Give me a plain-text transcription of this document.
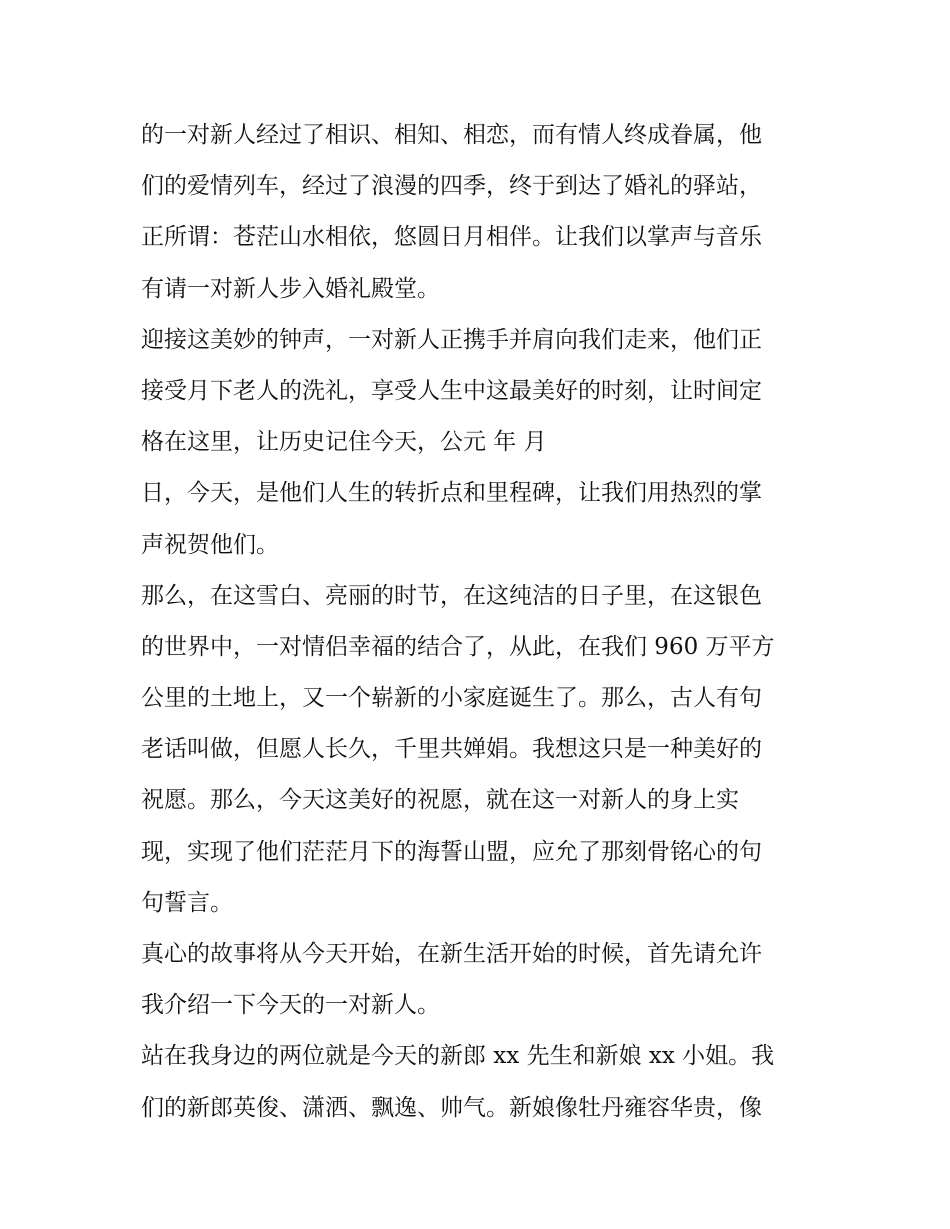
的一对新人经过了相识、相知、相恋，而有情人终成眷属，他
们的爱情列车，经过了浪漫的四季，终于到达了婚礼的驿站，
正所谓：苍茫山水相依，悠圆日月相伴。让我们以掌声与音乐
有请一对新人步入婚礼殿堂。
迎接这美妙的钟声，一对新人正携手并肩向我们走来，他们正
接受月下老人的洗礼，享受人生中这最美好的时刻，让时间定
格在这里，让历史记住今天，公元 年 月
日，今天，是他们人生的转折点和里程碑，让我们用热烈的掌
声祝贺他们。
那么，在这雪白、亮丽的时节，在这纯洁的日子里，在这银色
的世界中，一对情侣幸福的结合了，从此，在我们 960 万平方
公里的土地上，又一个崭新的小家庭诞生了。那么，古人有句
老话叫做，但愿人长久，千里共婵娟。我想这只是一种美好的
祝愿。那么，今天这美好的祝愿，就在这一对新人的身上实
现，实现了他们茫茫月下的海誓山盟，应允了那刻骨铭心的句
句誓言。
真心的故事将从今天开始，在新生活开始的时候，首先请允许
我介绍一下今天的一对新人。
站在我身边的两位就是今天的新郎 xx 先生和新娘 xx 小姐。我
们的新郎英俊、潇洒、飘逸、帅气。新娘像牡丹雍容华贵，像
